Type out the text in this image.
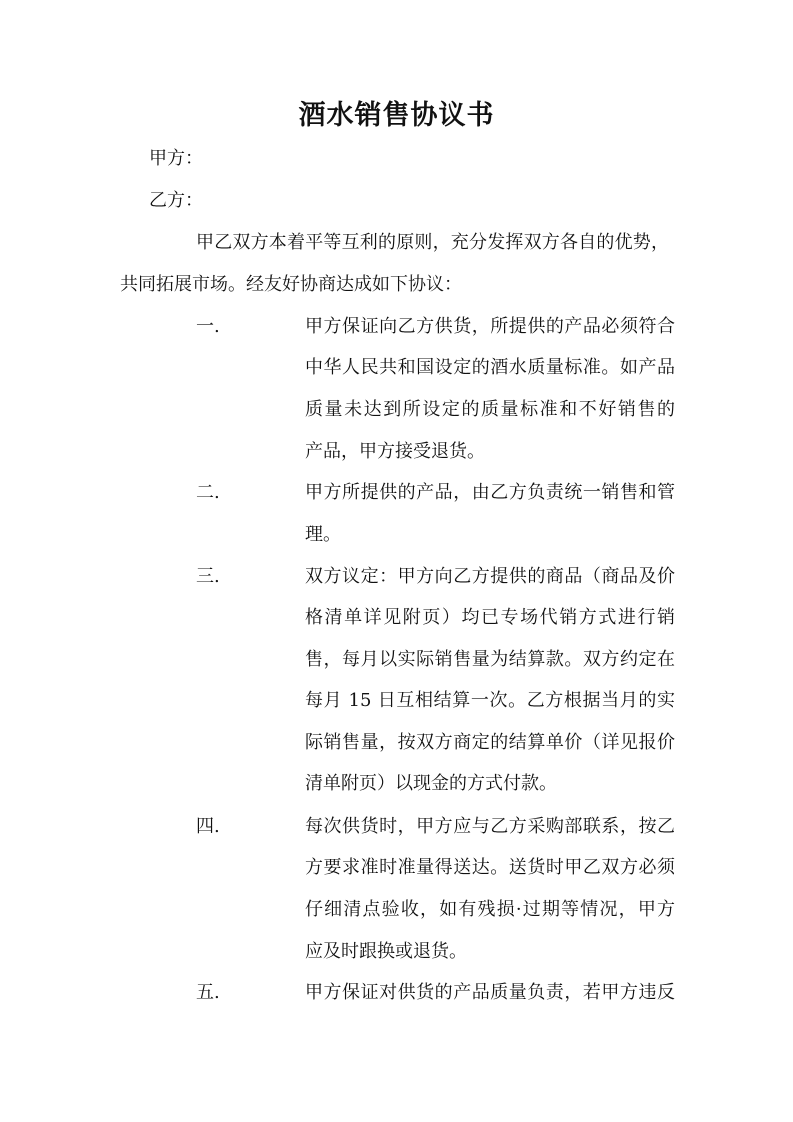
酒水销售协议书
甲方：
乙方：
甲乙双方本着平等互利的原则，充分发挥双方各自的优势，
共同拓展市场。经友好协商达成如下协议：
一.	甲方保证向乙方供货，所提供的产品必须符合
中华人民共和国设定的酒水质量标准。如产品
质量未达到所设定的质量标准和不好销售的
产品，甲方接受退货。
二.	甲方所提供的产品，由乙方负责统一销售和管
理。
三.	双方议定：甲方向乙方提供的商品（商品及价
格清单详见附页）均已专场代销方式进行销
售，每月以实际销售量为结算款。双方约定在
每月 15 日互相结算一次。乙方根据当月的实
际销售量，按双方商定的结算单价（详见报价
清单附页）以现金的方式付款。
四.	每次供货时，甲方应与乙方采购部联系，按乙
方要求准时准量得送达。送货时甲乙双方必须
仔细清点验收，如有残损·过期等情况，甲方
应及时跟换或退货。
五.	甲方保证对供货的产品质量负责，若甲方违反
